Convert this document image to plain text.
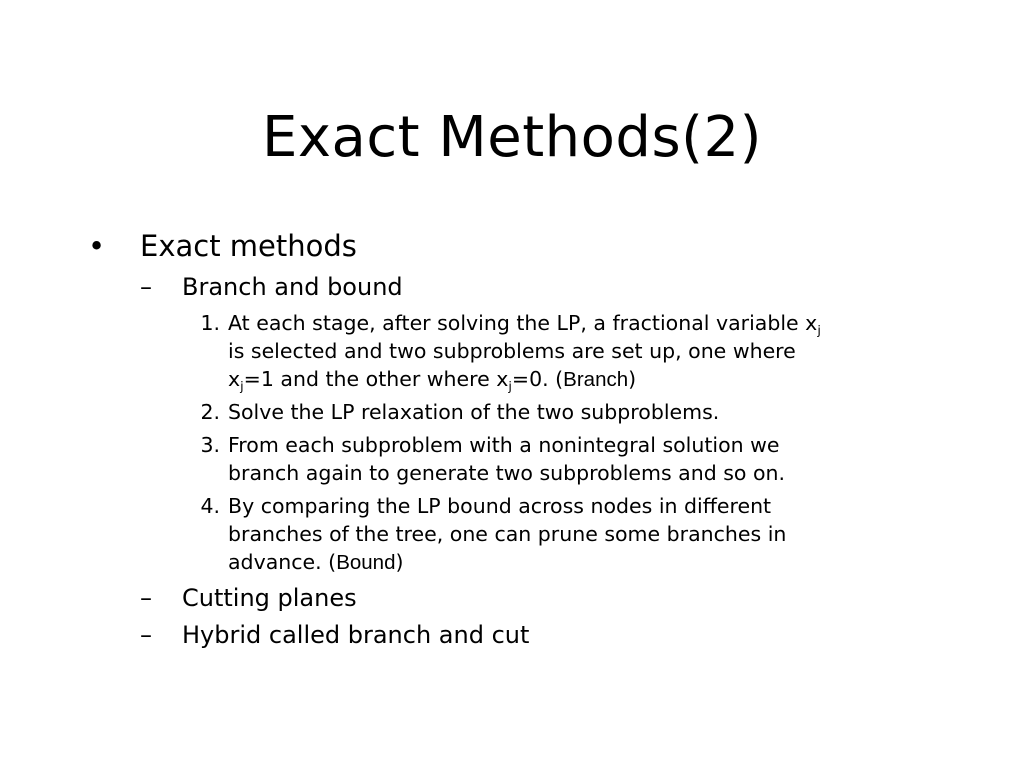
Exact Methods(2)
• Exact methods
– Branch and bound
1. At each stage, after solving the LP, a fractional variable $x_j$
is selected and two subproblems are set up, one where
$x_j=1$ and the other where $x_j=0$. (Branch)
2. Solve the LP relaxation of the two subproblems.
3. From each subproblem with a nonintegral solution we
branch again to generate two subproblems and so on.
4. By comparing the LP bound across nodes in different
branches of the tree, one can prune some branches in
advance. (Bound)
– Cutting planes
– Hybrid called branch and cut
